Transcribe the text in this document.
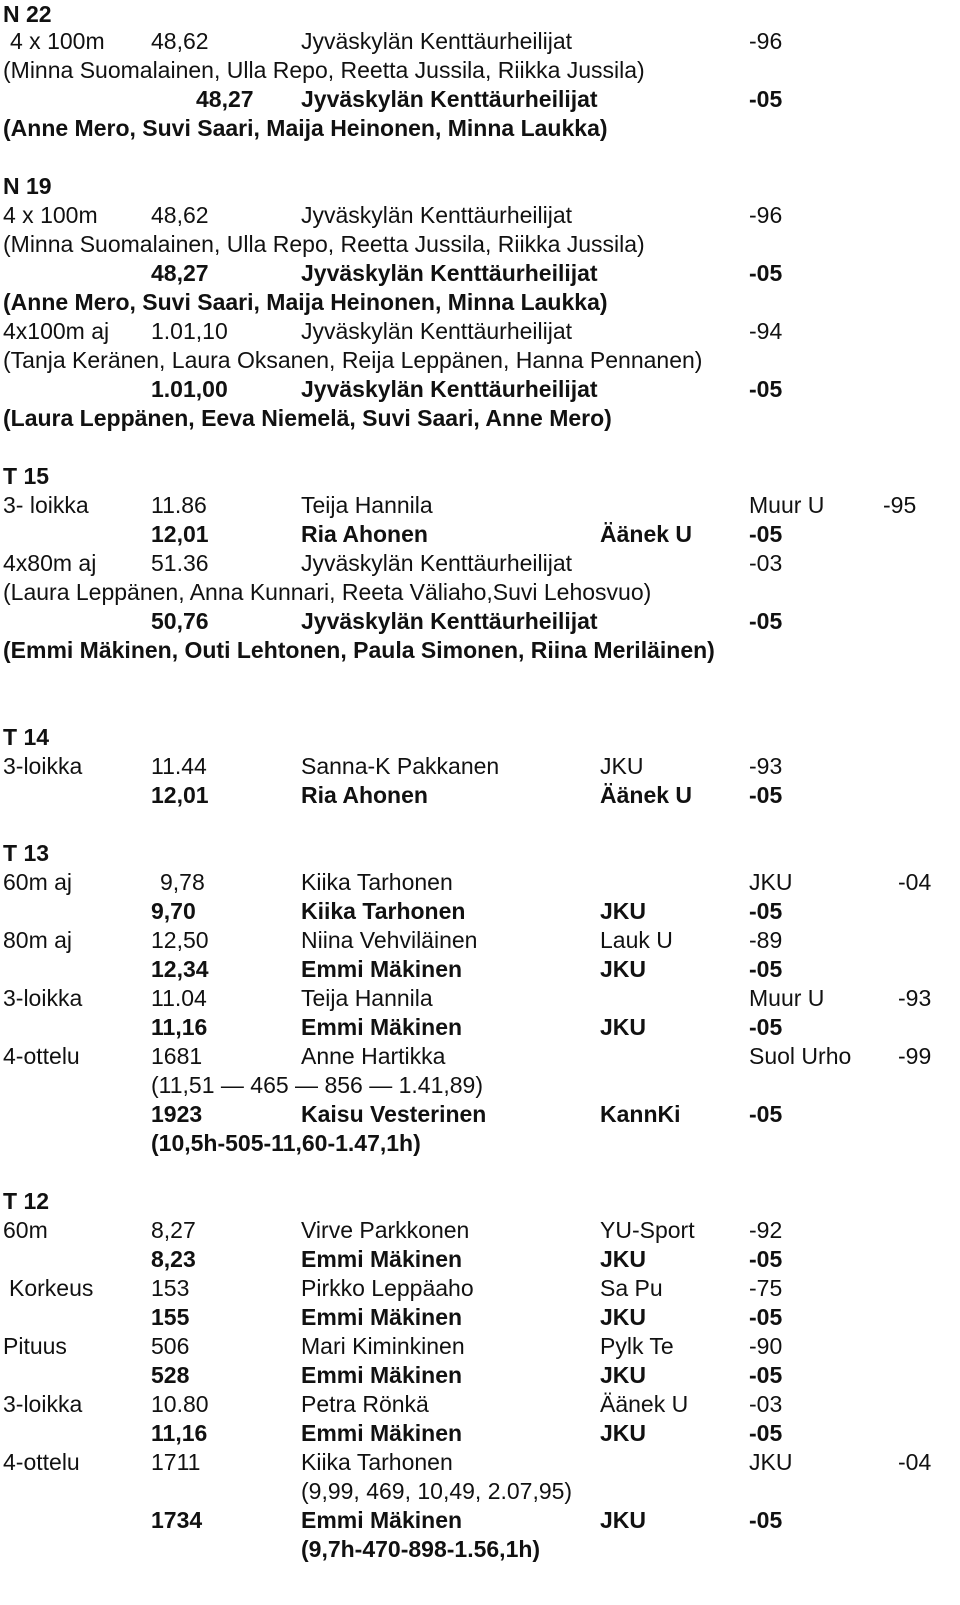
N 22
4 x 100m 48,62	Jyväskylän Kenttäurheilijat	-96
(Minna Suomalainen, Ulla Repo, Reetta Jussila, Riikka Jussila)
48,27 Jyväskylän Kenttäurheilijat	-05
(Anne Mero, Suvi Saari, Maija Heinonen, Minna Laukka)
N 19
4 x 100m 48,62	Jyväskylän Kenttäurheilijat	-96
(Minna Suomalainen, Ulla Repo, Reetta Jussila, Riikka Jussila)
48,27	Jyväskylän Kenttäurheilijat	-05
(Anne Mero, Suvi Saari, Maija Heinonen, Minna Laukka)
4x100m aj 1.01,10	Jyväskylän Kenttäurheilijat	-94
(Tanja Keränen, Laura Oksanen, Reija Leppänen, Hanna Pennanen)
1.01,00	Jyväskylän Kenttäurheilijat	-05
(Laura Leppänen, Eeva Niemelä, Suvi Saari, Anne Mero)
T 15
3- loikka	11.86	Teija Hannila	Muur U	-95
12,01	Ria Ahonen	Äänek U -05
4x80m aj 51.36	Jyväskylän Kenttäurheilijat	-03
(Laura Leppänen, Anna Kunnari, Reeta Väliaho,Suvi Lehosvuo)
50,76	Jyväskylän Kenttäurheilijat	-05
(Emmi Mäkinen, Outi Lehtonen, Paula Simonen, Riina Meriläinen)
T 14
3-loikka	11.44	Sanna-K Pakkanen	JKU	-93
12,01	Ria Ahonen	Äänek U -05
T 13
60m aj	9,78	Kiika Tarhonen	JKU	-04
9,70	Kiika Tarhonen	JKU	-05
80m aj	12,50	Niina Vehviläinen	Lauk U	-89
12,34	Emmi Mäkinen	JKU	-05
3-loikka	11.04	Teija Hannila	Muur U	-93
11,16	Emmi Mäkinen	JKU	-05
4-ottelu	1681	Anne Hartikka	Suol Urho -99
(11,51 — 465 — 856 — 1.41,89)
1923	Kaisu Vesterinen	KannKi	-05
(10,5h-505-11,60-1.47,1h)
T 12
60m	8,27	Virve Parkkonen	YU-Sport -92
8,23	Emmi Mäkinen	JKU	-05
Korkeus	153	Pirkko Leppäaho	Sa Pu	-75
155	Emmi Mäkinen	JKU	-05
Pituus	506	Mari Kiminkinen	Pylk Te	-90
528	Emmi Mäkinen	JKU	-05
3-loikka	10.80	Petra Rönkä	Äänek U	-03
11,16	Emmi Mäkinen	JKU	-05
4-ottelu	1711	Kiika Tarhonen	JKU	-04
(9,99, 469, 10,49, 2.07,95)
1734	Emmi Mäkinen	JKU	-05
(9,7h-470-898-1.56,1h)
